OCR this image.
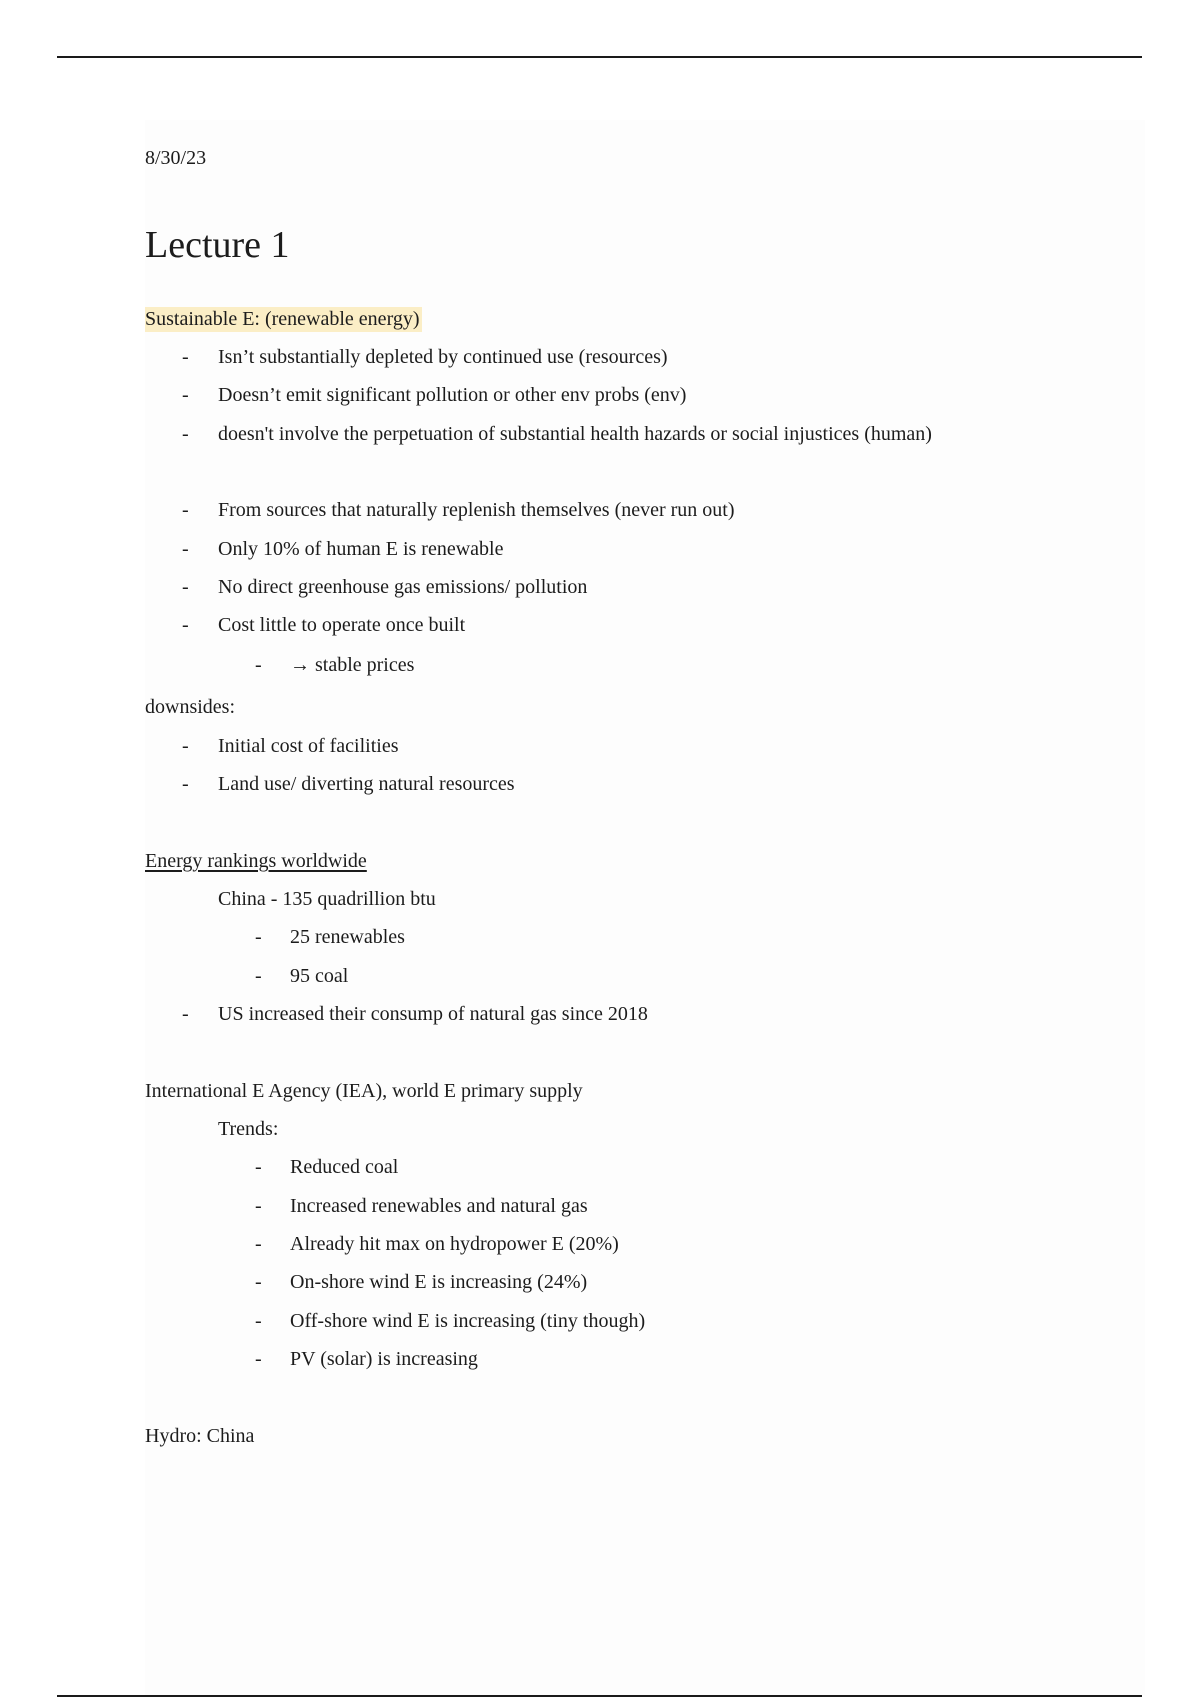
8/30/23
Lecture 1
Sustainable E: (renewable energy)
- Isn’t substantially depleted by continued use (resources)
- Doesn’t emit significant pollution or other env probs (env)
- doesn't involve the perpetuation of substantial health hazards or social injustices (human)
- From sources that naturally replenish themselves (never run out)
- Only 10% of human E is renewable
- No direct greenhouse gas emissions/ pollution
- Cost little to operate once built
- → stable prices
downsides:
- Initial cost of facilities
- Land use/ diverting natural resources
Energy rankings worldwide
China - 135 quadrillion btu
- 25 renewables
- 95 coal
- US increased their consump of natural gas since 2018
International E Agency (IEA), world E primary supply
Trends:
- Reduced coal
- Increased renewables and natural gas
- Already hit max on hydropower E (20%)
- On-shore wind E is increasing (24%)
- Off-shore wind E is increasing (tiny though)
- PV (solar) is increasing
Hydro: China
